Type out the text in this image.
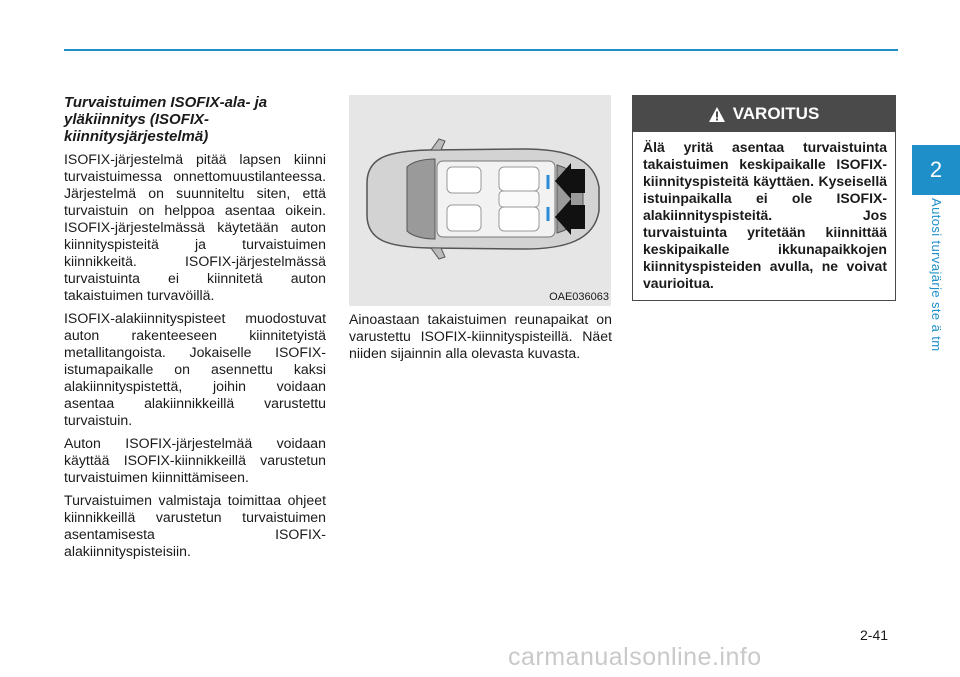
2
Autosi turvajärje ste ä tm
Turvaistuimen ISOFIX-ala- ja yläkiinnitys (ISOFIX-kiinnitysjärjestelmä)

ISOFIX-järjestelmä pitää lapsen kiinni turvaistuimessa onnettomuustilanteessa. Järjestelmä on suunniteltu siten, että turvaistuin on helppoa asentaa oikein. ISOFIX-järjestelmässä käytetään auton kiinnityspisteitä ja turvaistuimen kiinnikkeitä. ISOFIX-järjestelmässä turvaistuinta ei kiinnitetä auton takaistuimen turvavöillä.

ISOFIX-alakiinnityspisteet muodostuvat auton rakenteeseen kiinnitetyistä metallitangoista. Jokaiselle ISOFIX-istumapaikalle on asennettu kaksi alakiinnityspistettä, joihin voidaan asentaa alakiinnikkeillä varustettu turvaistuin.

Auton ISOFIX-järjestelmää voidaan käyttää ISOFIX-kiinnikkeillä varustetun turvaistuimen kiinnittämiseen.

Turvaistuimen valmistaja toimittaa ohjeet kiinnikkeillä varustetun turvaistuimen asentamisesta ISOFIX-alakiinnityspisteisiin.

OAE036063

Ainoastaan takaistuimen reunapaikat on varustettu ISOFIX-kiinnityspisteillä. Näet niiden sijainnin alla olevasta kuvasta.

VAROITUS
Älä yritä asentaa turvaistuinta takaistuimen keskipaikalle ISOFIX-kiinnityspisteitä käyttäen. Kyseisellä istuinpaikalla ei ole ISOFIX-alakiinnityspisteitä. Jos turvaistuinta yritetään kiinnittää keskipaikalle ikkunapaikkojen kiinnityspisteiden avulla, ne voivat vaurioitua.
2-41
carmanualsonline.info
